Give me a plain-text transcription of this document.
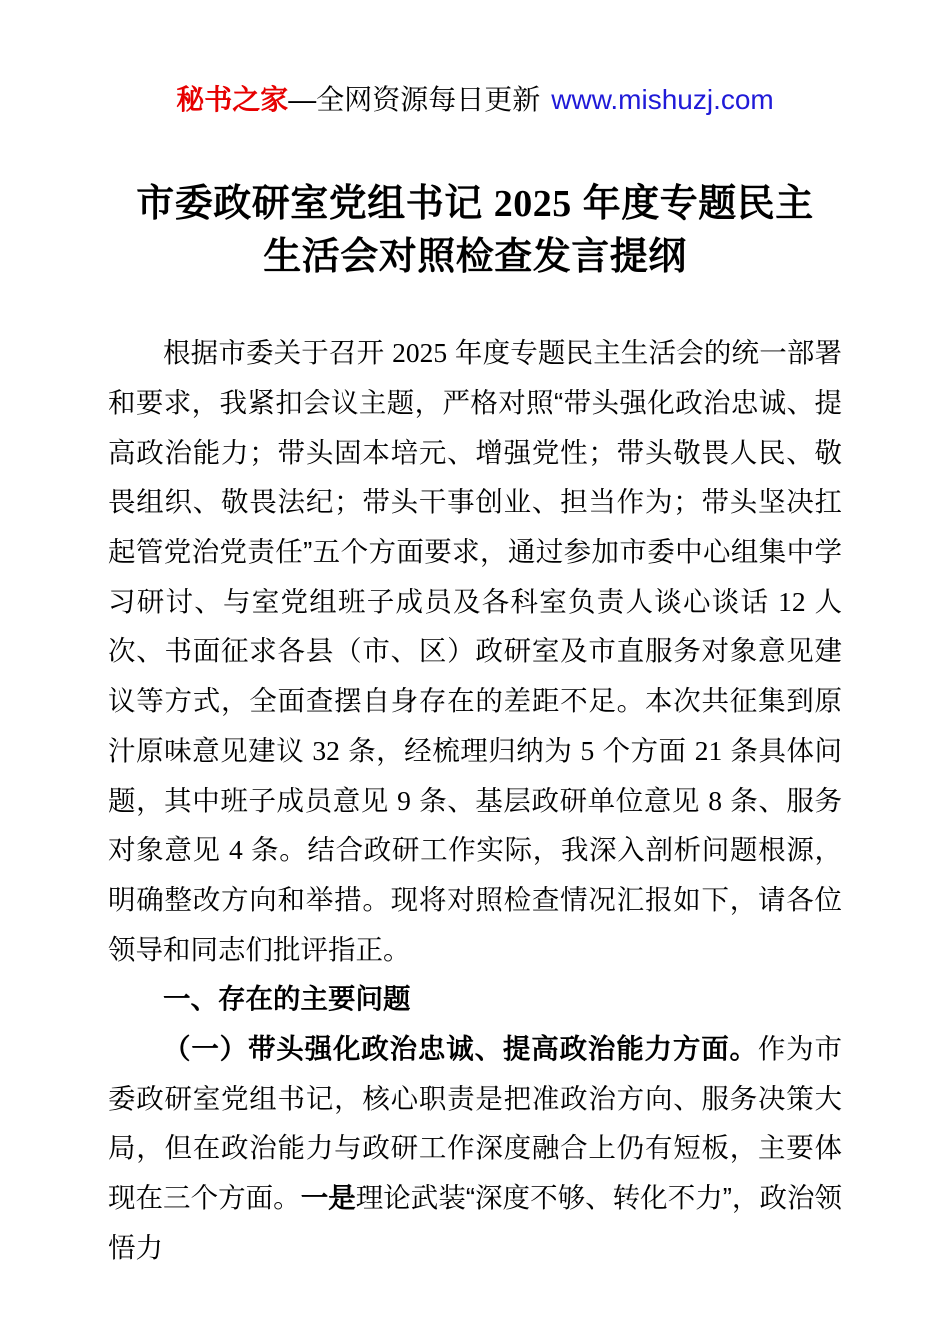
秘书之家—全网资源每日更新 www.mishuzj.com
市委政研室党组书记 2025 年度专题民主
生活会对照检查发言提纲

根据市委关于召开 2025 年度专题民主生活会的统一部署和要求，我紧扣会议主题，严格对照“带头强化政治忠诚、提高政治能力；带头固本培元、增强党性；带头敬畏人民、敬畏组织、敬畏法纪；带头干事创业、担当作为；带头坚决扛起管党治党责任”五个方面要求，通过参加市委中心组集中学习研讨、与室党组班子成员及各科室负责人谈心谈话 12 人次、书面征求各县（市、区）政研室及市直服务对象意见建议等方式，全面查摆自身存在的差距不足。本次共征集到原汁原味意见建议 32 条，经梳理归纳为 5 个方面 21 条具体问题，其中班子成员意见 9 条、基层政研单位意见 8 条、服务对象意见 4 条。结合政研工作实际，我深入剖析问题根源，明确整改方向和举措。现将对照检查情况汇报如下，请各位领导和同志们批评指正。

一、存在的主要问题

（一）带头强化政治忠诚、提高政治能力方面。作为市委政研室党组书记，核心职责是把准政治方向、服务决策大局，但在政治能力与政研工作深度融合上仍有短板，主要体现在三个方面。一是理论武装“深度不够、转化不力”，政治领悟力
